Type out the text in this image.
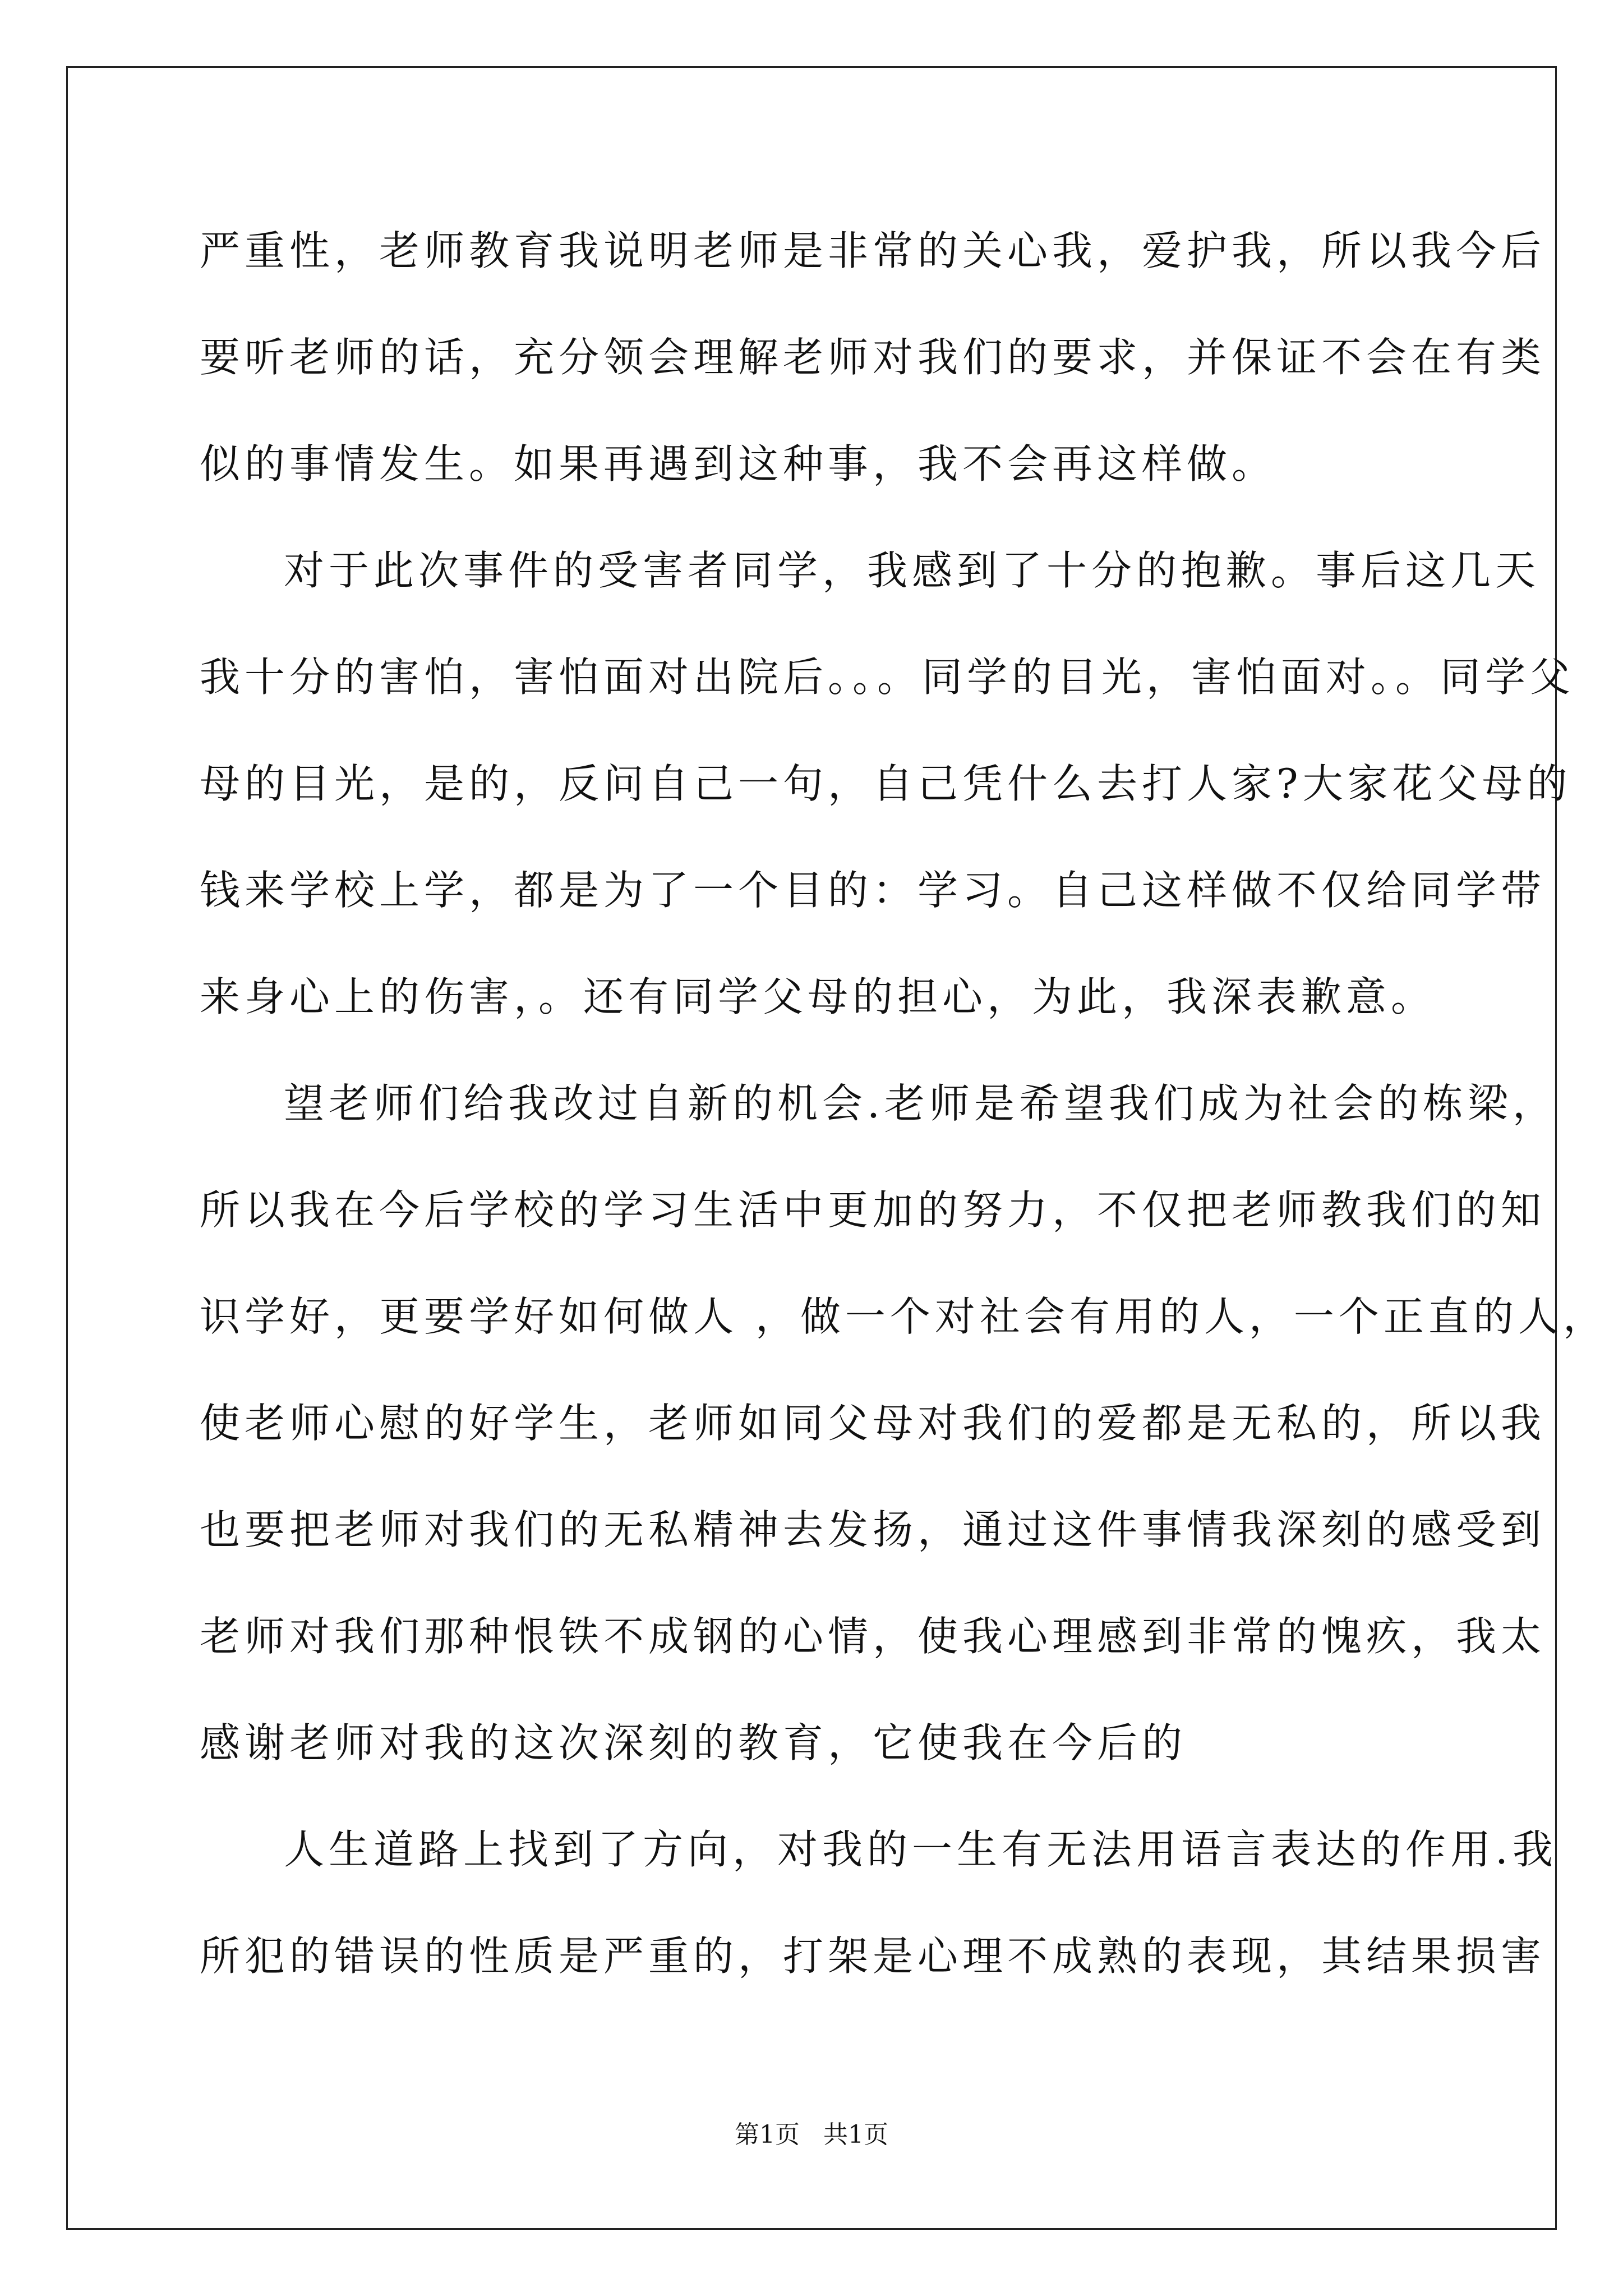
严重性，老师教育我说明老师是非常的关心我，爱护我，所以我今后
要听老师的话，充分领会理解老师对我们的要求，并保证不会在有类
似的事情发生。如果再遇到这种事，我不会再这样做。
对于此次事件的受害者同学，我感到了十分的抱歉。事后这几天
我十分的害怕，害怕面对出院后。。。同学的目光，害怕面对。。同学父
母的目光，是的，反问自己一句，自己凭什么去打人家?大家花父母的
钱来学校上学，都是为了一个目的：学习。自己这样做不仅给同学带
来身心上的伤害，。还有同学父母的担心，为此，我深表歉意。
望老师们给我改过自新的机会.老师是希望我们成为社会的栋梁，
所以我在今后学校的学习生活中更加的努力，不仅把老师教我们的知
识学好，更要学好如何做人 ，做一个对社会有用的人，一个正直的人，
使老师心慰的好学生，老师如同父母对我们的爱都是无私的，所以我
也要把老师对我们的无私精神去发扬，通过这件事情我深刻的感受到
老师对我们那种恨铁不成钢的心情，使我心理感到非常的愧疚，我太
感谢老师对我的这次深刻的教育，它使我在今后的
人生道路上找到了方向，对我的一生有无法用语言表达的作用.我
所犯的错误的性质是严重的，打架是心理不成熟的表现，其结果损害
第1页   共1页
